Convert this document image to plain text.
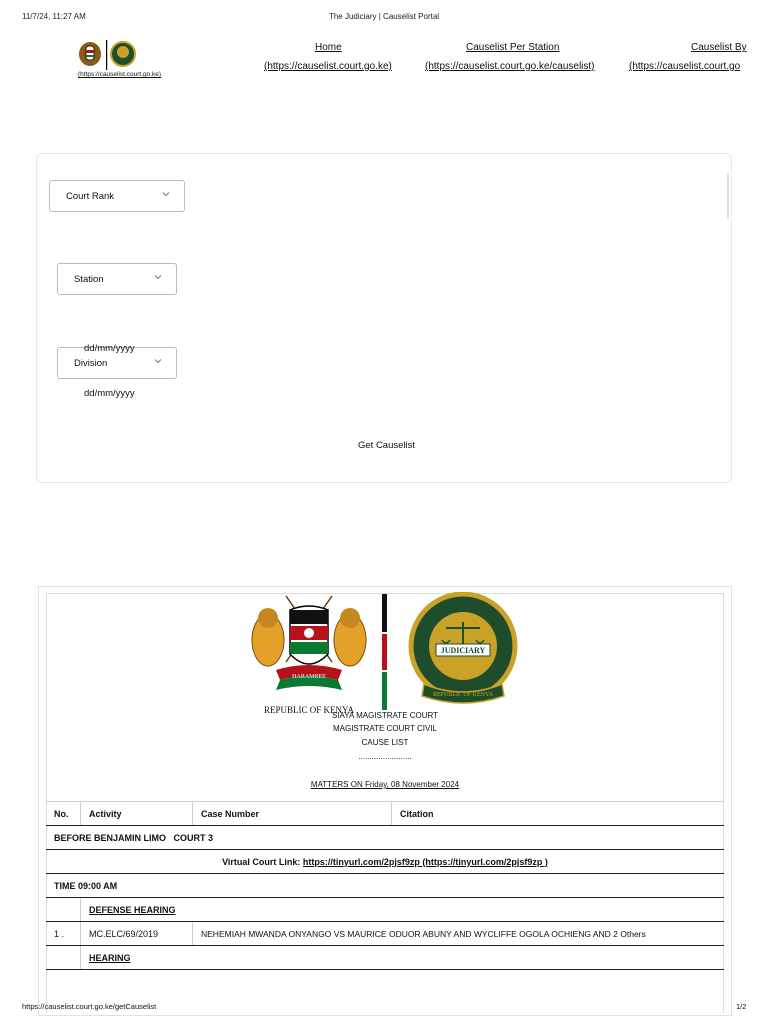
11/7/24, 11:27 AM	The Judiciary | Causelist Portal
(https://causelist.court.go.ke)
Home
(https://causelist.court.go.ke)
Causelist Per Station
(https://causelist.court.go.ke/causelist)
Causelist By
(https://causelist.court.go
Court Rank
Station
Division
dd/mm/yyyy
dd/mm/yyyy
Get Causelist
HARAMBEE
REPUBLIC OF KENYA
JUDICIARY
REPUBLIC OF KENYA
SIAYA MAGISTRATE COURT
MAGISTRATE COURT CIVIL
CAUSE LIST
........................
MATTERS ON Friday, 08 November 2024
No.	Activity	Case Number	Citation
BEFORE BENJAMIN LIMO   COURT 3			
Virtual Court Link: https://tinyurl.com/2pjsf9zp (https://tinyurl.com/2pjsf9zp )			
TIME 09:00 AM			
	DEFENSE HEARING		
1 .	MC.ELC/69/2019	NEHEMIAH MWANDA ONYANGO VS MAURICE ODUOR ABUNY AND WYCLIFFE OGOLA OCHIENG AND 2 Others	
	HEARING		
https://causelist.court.go.ke/getCauselist	1/2
